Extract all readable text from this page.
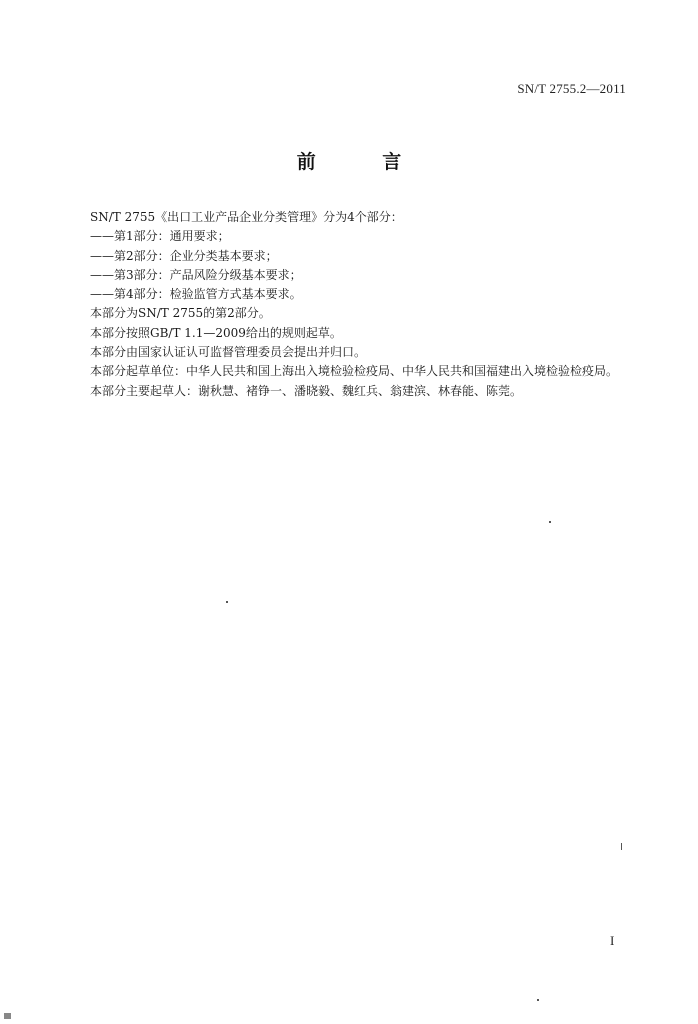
SN/T 2755.2—2011
前 言

SN/T 2755《出口工业产品企业分类管理》分为4个部分：

——第1部分：通用要求；

——第2部分：企业分类基本要求；

——第3部分：产品风险分级基本要求；

——第4部分：检验监管方式基本要求。

本部分为SN/T 2755的第2部分。

本部分按照GB/T 1.1—2009给出的规则起草。

本部分由国家认证认可监督管理委员会提出并归口。

本部分起草单位：中华人民共和国上海出入境检验检疫局、中华人民共和国福建出入境检验检疫局。

本部分主要起草人：谢秋慧、褚铮一、潘晓毅、魏红兵、翁建滨、林春能、陈莞。

I
